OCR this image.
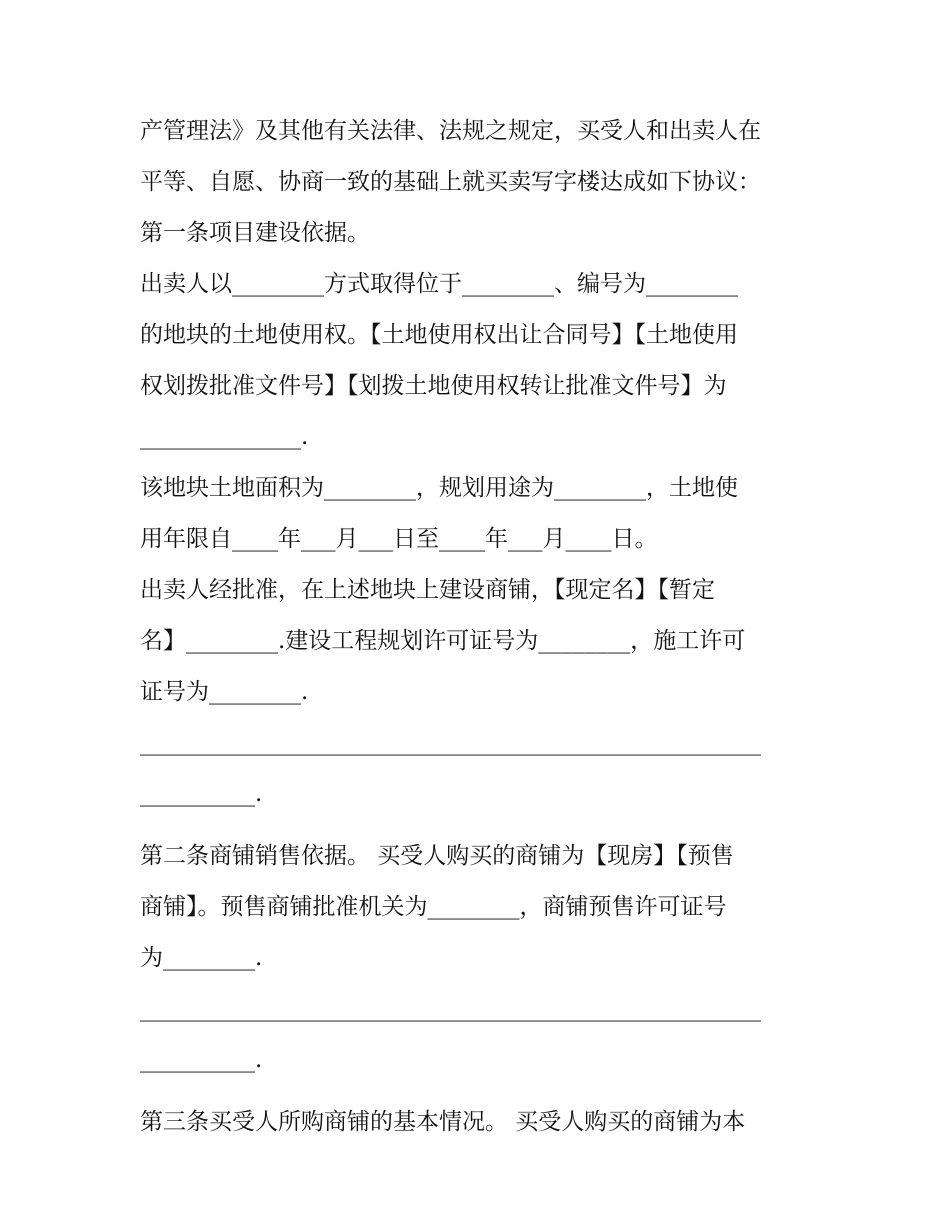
产管理法》及其他有关法律、法规之规定，买受人和出卖人在
平等、自愿、协商一致的基础上就买卖写字楼达成如下协议：
第一条项目建设依据。
出卖人以________方式取得位于________、编号为________
的地块的土地使用权。【土地使用权出让合同号】【土地使用
权划拨批准文件号】【划拨土地使用权转让批准文件号】为
______________.
该地块土地面积为________，规划用途为________，土地使
用年限自____年___月___日至____年___月____日。
出卖人经批准，在上述地块上建设商铺，【现定名】【暂定
名】________.建设工程规划许可证号为________，施工许可
证号为________.
______________________________________________________
__________.
第二条商铺销售依据。 买受人购买的商铺为【现房】【预售
商铺】。预售商铺批准机关为________，商铺预售许可证号
为________.
______________________________________________________
__________.
第三条买受人所购商铺的基本情况。 买受人购买的商铺为本
